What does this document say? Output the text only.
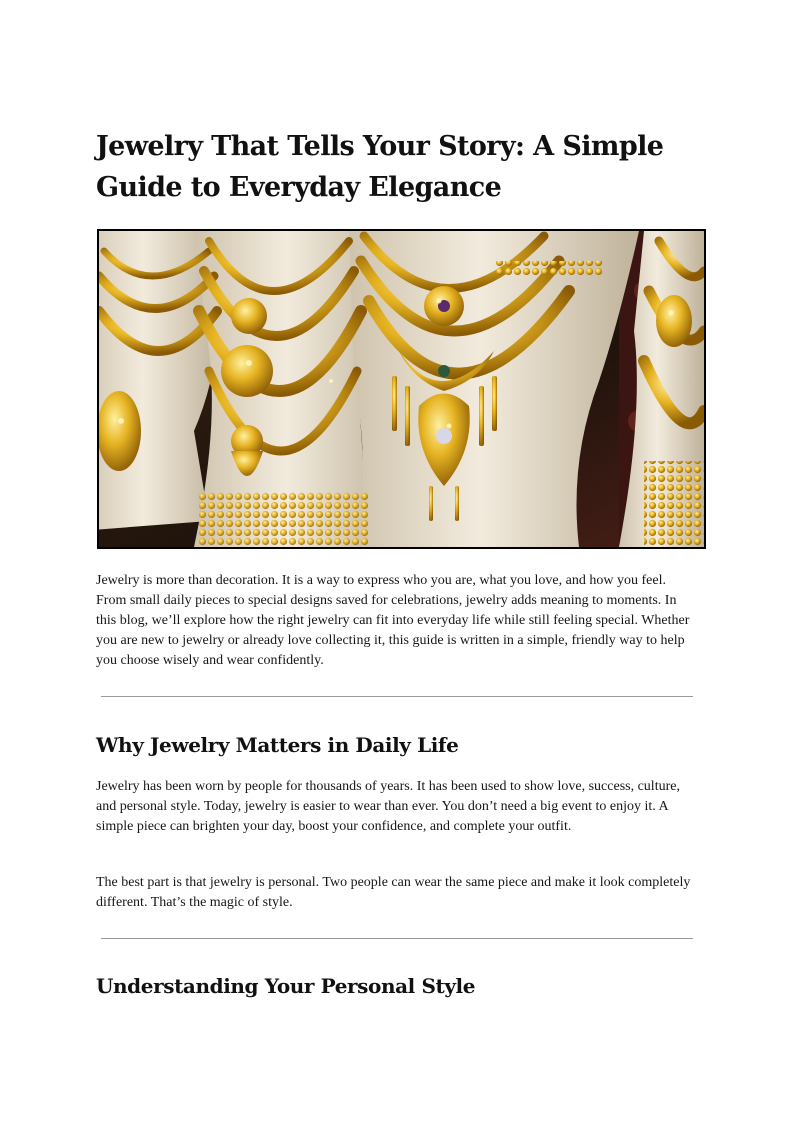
Jewelry That Tells Your Story: A Simple Guide to Everyday Elegance

Jewelry is more than decoration. It is a way to express who you are, what you love, and how you feel. From small daily pieces to special designs saved for celebrations, jewelry adds meaning to moments. In this blog, we’ll explore how the right jewelry can fit into everyday life while still feeling special. Whether you are new to jewelry or already love collecting it, this guide is written in a simple, friendly way to help you choose wisely and wear confidently.

Why Jewelry Matters in Daily Life

Jewelry has been worn by people for thousands of years. It has been used to show love, success, culture, and personal style. Today, jewelry is easier to wear than ever. You don’t need a big event to enjoy it. A simple piece can brighten your day, boost your confidence, and complete your outfit.

The best part is that jewelry is personal. Two people can wear the same piece and make it look completely different. That’s the magic of style.

Understanding Your Personal Style
